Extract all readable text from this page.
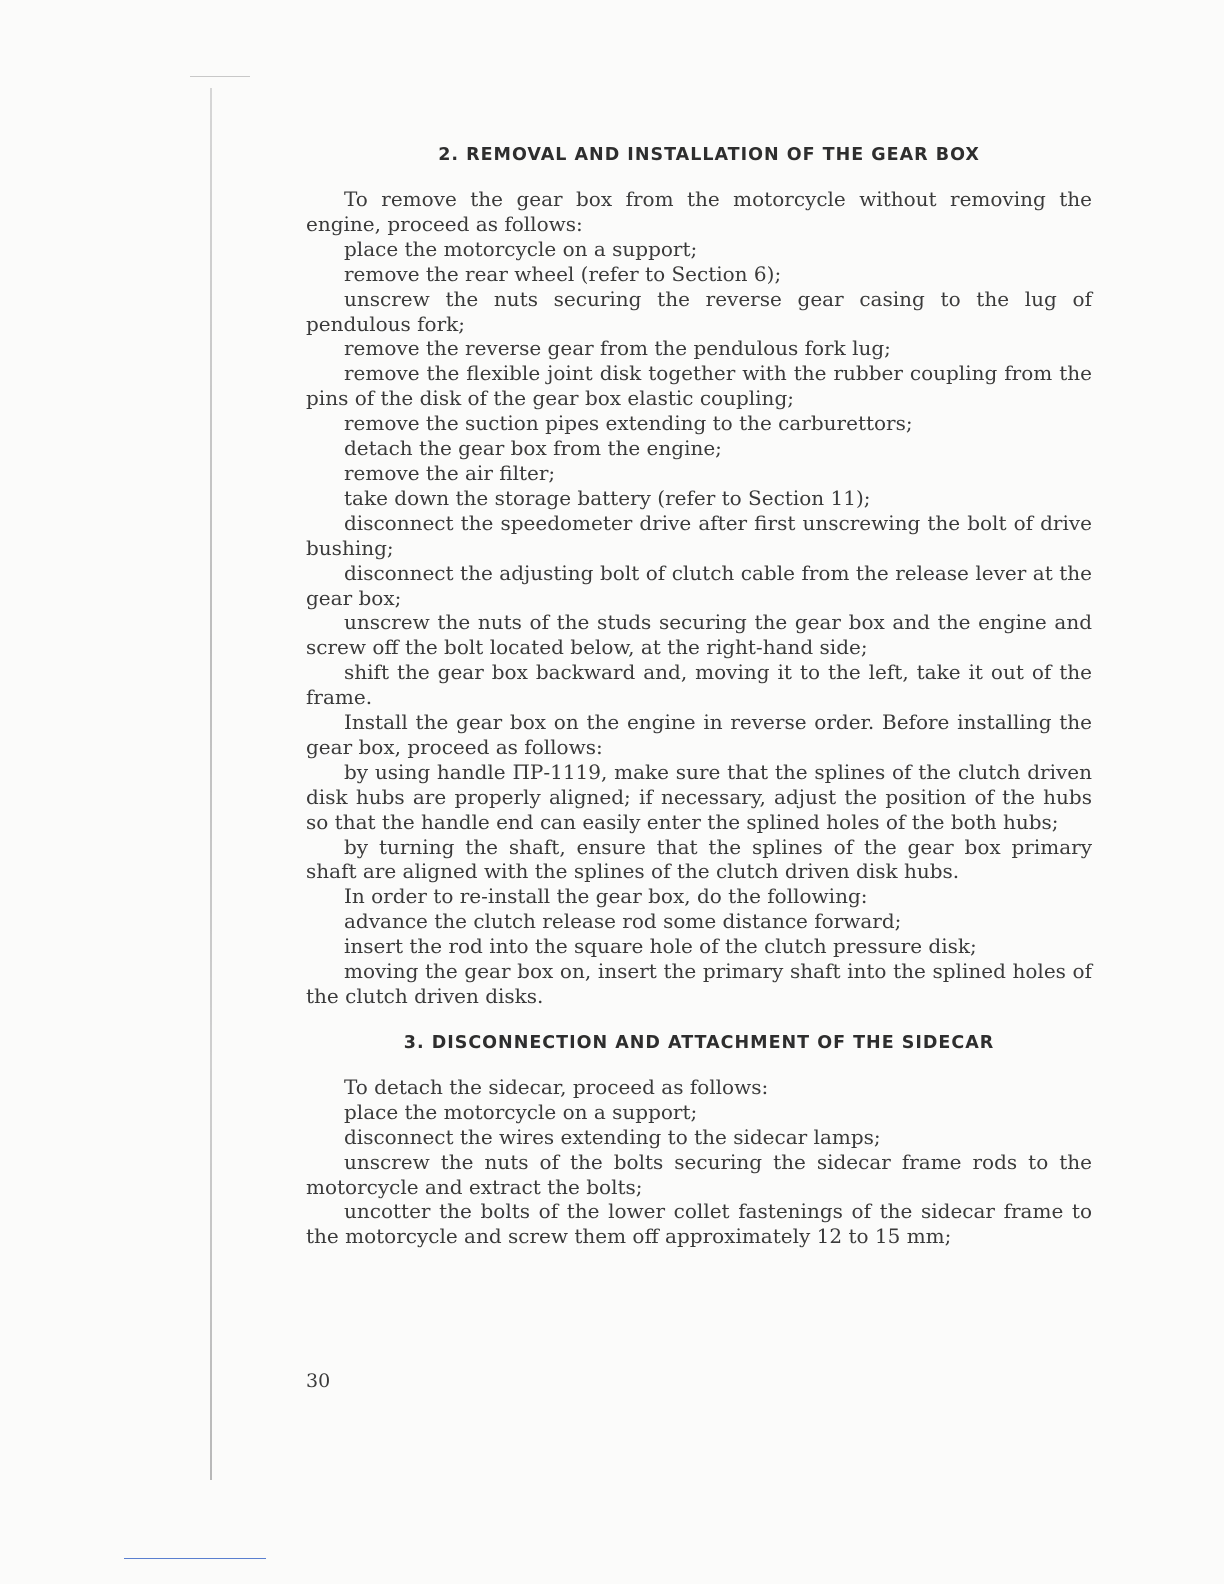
2. REMOVAL AND INSTALLATION OF THE GEAR BOX

To remove the gear box from the motorcycle without removing the engine, proceed as follows:

place the motorcycle on a support;

remove the rear wheel (refer to Section 6);

unscrew the nuts securing the reverse gear casing to the lug of pendulous fork;

remove the reverse gear from the pendulous fork lug;

remove the flexible joint disk together with the rubber coupling from the pins of the disk of the gear box elastic coupling;

remove the suction pipes extending to the carburettors;

detach the gear box from the engine;

remove the air filter;

take down the storage battery (refer to Section 11);

disconnect the speedometer drive after first unscrewing the bolt of drive bushing;

disconnect the adjusting bolt of clutch cable from the release lever at the gear box;

unscrew the nuts of the studs securing the gear box and the engine and screw off the bolt located below, at the right-hand side;

shift the gear box backward and, moving it to the left, take it out of the frame.

Install the gear box on the engine in reverse order. Before installing the gear box, proceed as follows:

by using handle ПР-1119, make sure that the splines of the clutch driven disk hubs are properly aligned; if necessary, adjust the position of the hubs so that the handle end can easily enter the splined holes of the both hubs;

by turning the shaft, ensure that the splines of the gear box primary shaft are aligned with the splines of the clutch driven disk hubs.

In order to re-install the gear box, do the following:

advance the clutch release rod some distance forward;

insert the rod into the square hole of the clutch pressure disk;

moving the gear box on, insert the primary shaft into the splined holes of the clutch driven disks.

3. DISCONNECTION AND ATTACHMENT OF THE SIDECAR

To detach the sidecar, proceed as follows:

place the motorcycle on a support;

disconnect the wires extending to the sidecar lamps;

unscrew the nuts of the bolts securing the sidecar frame rods to the motorcycle and extract the bolts;

uncotter the bolts of the lower collet fastenings of the sidecar frame to the motorcycle and screw them off approximately 12 to 15 mm;

30
